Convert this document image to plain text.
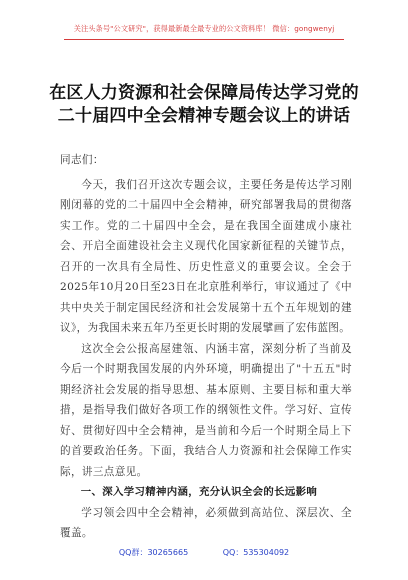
关注头条号"公文研究"，获得最新最全最专业的公文资料库！ 微信：gongwenyj
在区人力资源和社会保障局传达学习党的
二十届四中全会精神专题会议上的讲话

同志们：

今天，我们召开这次专题会议，主要任务是传达学习刚刚闭幕的党的二十届四中全会精神，研究部署我局的贯彻落实工作。党的二十届四中全会，是在我国全面建成小康社会、开启全面建设社会主义现代化国家新征程的关键节点，召开的一次具有全局性、历史性意义的重要会议。全会于2025年10月20日至23日在北京胜利举行，审议通过了《中共中央关于制定国民经济和社会发展第十五个五年规划的建议》，为我国未来五年乃至更长时期的发展擘画了宏伟蓝图。

这次全会公报高屋建瓴、内涵丰富，深刻分析了当前及今后一个时期我国发展的内外环境，明确提出了"十五五"时期经济社会发展的指导思想、基本原则、主要目标和重大举措，是指导我们做好各项工作的纲领性文件。学习好、宣传好、贯彻好四中全会精神，是当前和今后一个时期全局上下的首要政治任务。下面，我结合人力资源和社会保障工作实际，讲三点意见。

一、深入学习精神内涵，充分认识全会的长远影响

学习领会四中全会精神，必须做到高站位、深层次、全覆盖。

QQ群：30265665	QQ：535304092
